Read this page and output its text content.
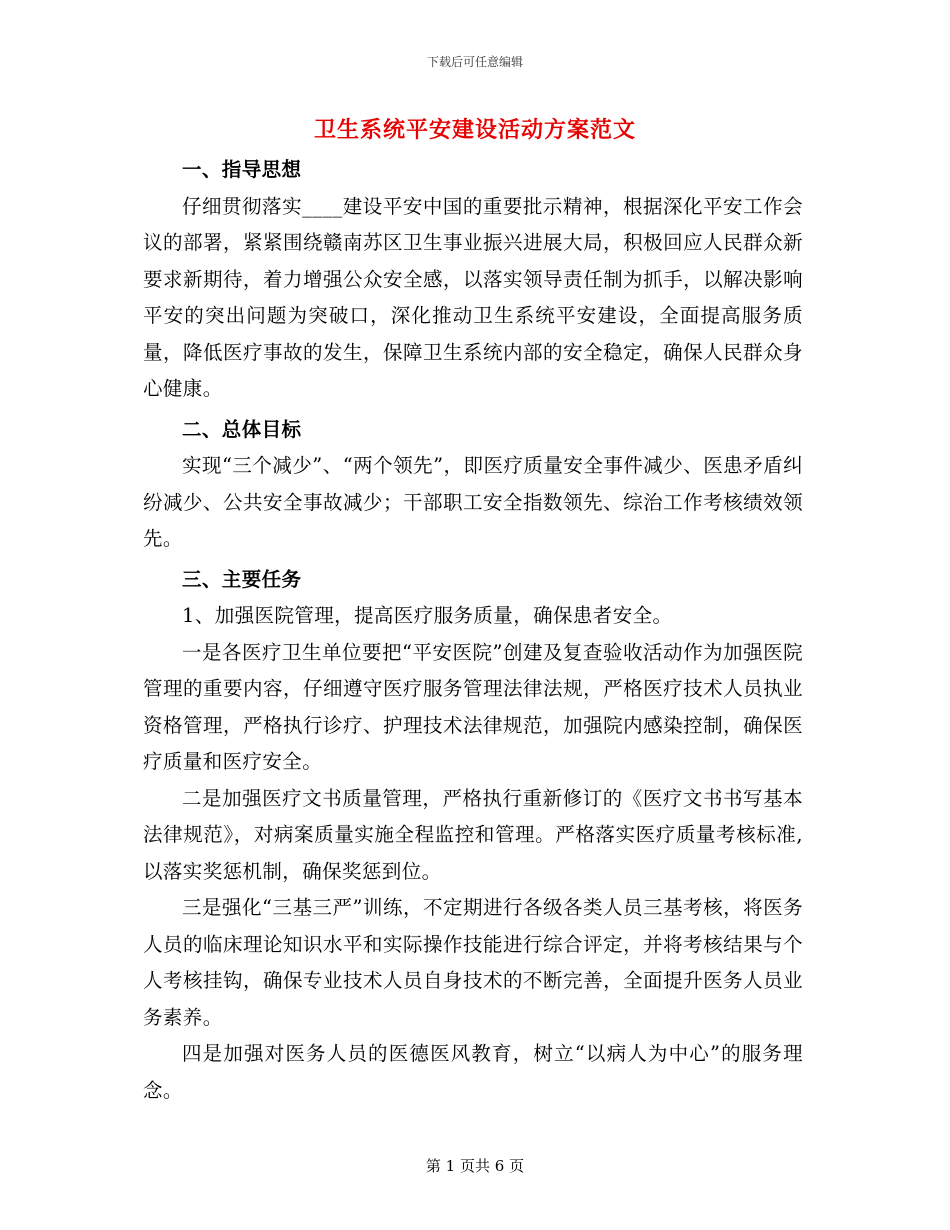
下载后可任意编辑
卫生系统平安建设活动方案范文

一、指导思想

仔细贯彻落实____建设平安中国的重要批示精神，根据深化平安工作会议的部署，紧紧围绕赣南苏区卫生事业振兴进展大局，积极回应人民群众新要求新期待，着力增强公众安全感，以落实领导责任制为抓手，以解决影响平安的突出问题为突破口，深化推动卫生系统平安建设，全面提高服务质量，降低医疗事故的发生，保障卫生系统内部的安全稳定，确保人民群众身心健康。

二、总体目标

实现“三个减少”、“两个领先”，即医疗质量安全事件减少、医患矛盾纠纷减少、公共安全事故减少；干部职工安全指数领先、综治工作考核绩效领先。

三、主要任务

1、加强医院管理，提高医疗服务质量，确保患者安全。

一是各医疗卫生单位要把“平安医院”创建及复查验收活动作为加强医院管理的重要内容，仔细遵守医疗服务管理法律法规，严格医疗技术人员执业资格管理，严格执行诊疗、护理技术法律规范，加强院内感染控制，确保医疗质量和医疗安全。

二是加强医疗文书质量管理，严格执行重新修订的《医疗文书书写基本法律规范》，对病案质量实施全程监控和管理。严格落实医疗质量考核标准,以落实奖惩机制，确保奖惩到位。

三是强化“三基三严”训练，不定期进行各级各类人员三基考核，将医务人员的临床理论知识水平和实际操作技能进行综合评定，并将考核结果与个人考核挂钩，确保专业技术人员自身技术的不断完善，全面提升医务人员业务素养。

四是加强对医务人员的医德医风教育，树立“以病人为中心”的服务理念。

第 1 页共 6 页
